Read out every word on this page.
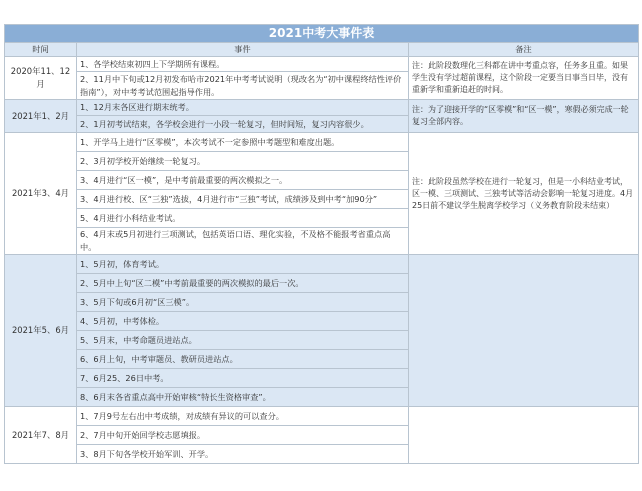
2021中考大事件表		
时间	事件	备注
2020年11、12月	1、各学校结束初四上下学期所有课程。	注：此阶段数理化三科都在讲中考重点容，任务多且重。如果学生没有学过超前课程，这个阶段一定要当日事当日毕，没有重新学和重新追赶的时间。
	2、11月中下旬或12月初发布哈市2021年中考考试说明（现改名为“初中课程终结性评价指南”），对中考考试范围起指导作用。	
2021年1、2月	1、12月末各区进行期末统考。	注：为了迎接开学的“区零模”和“区一模”，寒假必须完成一轮复习全部内容。
	2、1月初考试结束，各学校会进行一小段一轮复习，但时间短，复习内容很少。	
2021年3、4月	1、开学马上进行“区零模”，本次考试不一定参照中考题型和难度出题。	注：此阶段虽然学校在进行一轮复习，但是一小科结业考试，区一模、三项测试、三独考试等活动会影响一轮复习进度。4月25日前不建议学生脱离学校学习（义务教育阶段未结束）
	2、3月初学校开始继续一轮复习。	
	3、4月进行“区一模”，是中考前最重要的两次模拟之一。	
	3、4月进行校、区“三独”选拔，4月进行市“三独”考试，成绩涉及到中考“加90分”	
	5、4月进行小科结业考试。	
	6、4月末或5月初进行三项测试，包括英语口语、理化实验，不及格不能报考省重点高中。	
2021年5、6月	1、5月初，体育考试。	
	2、5月中上旬“区二模”中考前最重要的两次模拟的最后一次。	
	3、5月下旬或6月初“区三模”。	
	4、5月初，中考体检。	
	5、5月末，中考命题员进站点。	
	6、6月上旬，中考审题员、教研员进站点。	
	7、6月25、26日中考。	
	8、6月末各省重点高中开始审核“特长生资格审查”。	
2021年7、8月	1、7月9号左右出中考成绩，对成绩有异议的可以查分。	
	2、7月中旬开始回学校志愿填报。	
	3、8月下旬各学校开始军训、开学。	
